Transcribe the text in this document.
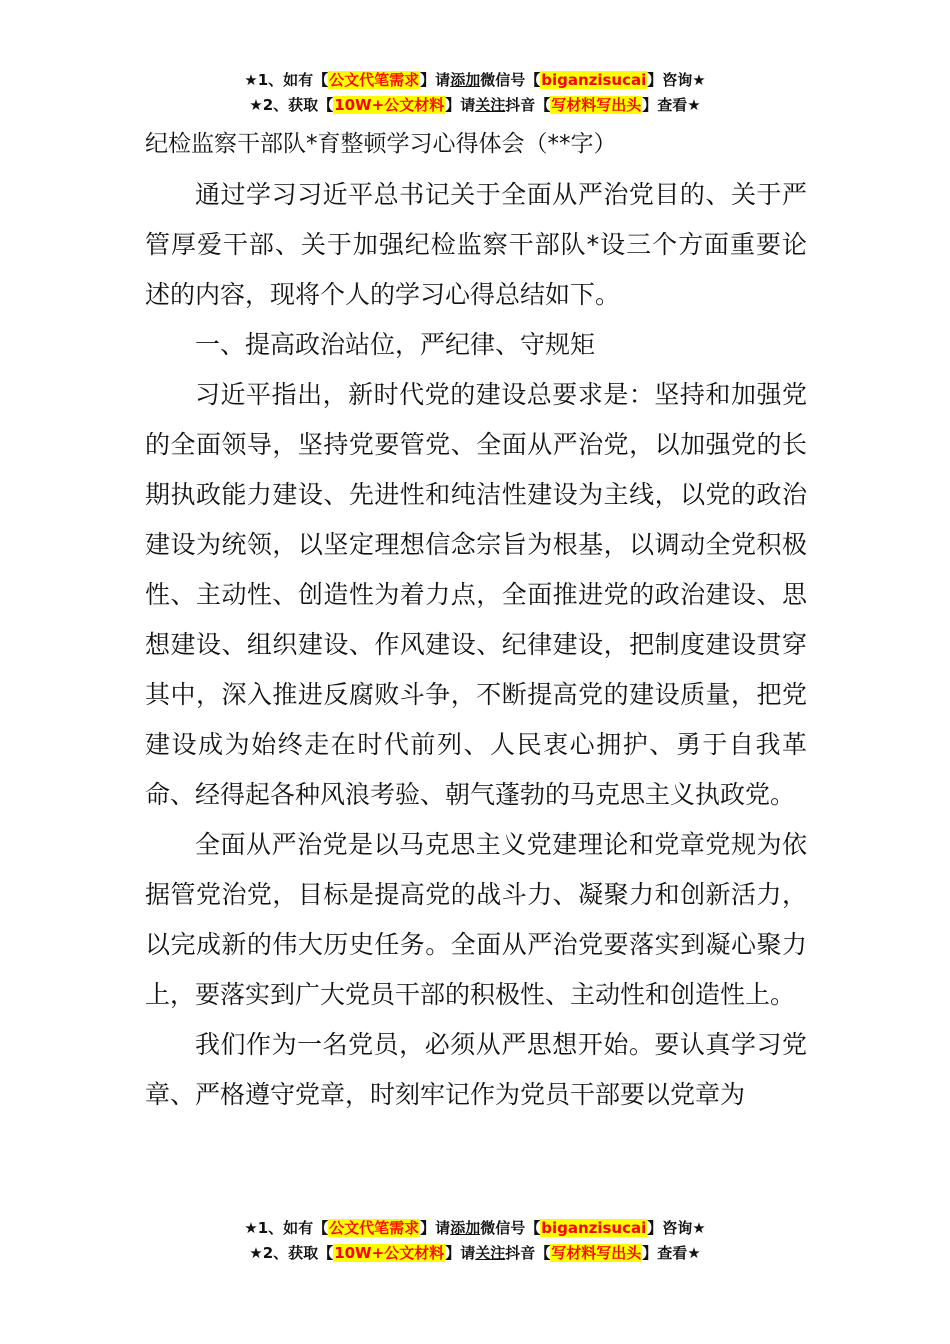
★1、如有【公文代笔需求】请添加微信号【biganzisucai】咨询★
★2、获取【10W+公文材料】请关注抖音【写材料写出头】查看★
纪检监察干部队*育整顿学习心得体会（**字）

通过学习习近平总书记关于全面从严治党目的、关于严管厚爱干部、关于加强纪检监察干部队*设三个方面重要论述的内容，现将个人的学习心得总结如下。

一、提高政治站位，严纪律、守规矩

习近平指出，新时代党的建设总要求是：坚持和加强党的全面领导，坚持党要管党、全面从严治党，以加强党的长期执政能力建设、先进性和纯洁性建设为主线，以党的政治建设为统领，以坚定理想信念宗旨为根基，以调动全党积极性、主动性、创造性为着力点，全面推进党的政治建设、思想建设、组织建设、作风建设、纪律建设，把制度建设贯穿其中，深入推进反腐败斗争，不断提高党的建设质量，把党建设成为始终走在时代前列、人民衷心拥护、勇于自我革命、经得起各种风浪考验、朝气蓬勃的马克思主义执政党。

全面从严治党是以马克思主义党建理论和党章党规为依据管党治党，目标是提高党的战斗力、凝聚力和创新活力，以完成新的伟大历史任务。全面从严治党要落实到凝心聚力上，要落实到广大党员干部的积极性、主动性和创造性上。

我们作为一名党员，必须从严思想开始。要认真学习党章、严格遵守党章，时刻牢记作为党员干部要以党章为

★1、如有【公文代笔需求】请添加微信号【biganzisucai】咨询★
★2、获取【10W+公文材料】请关注抖音【写材料写出头】查看★
